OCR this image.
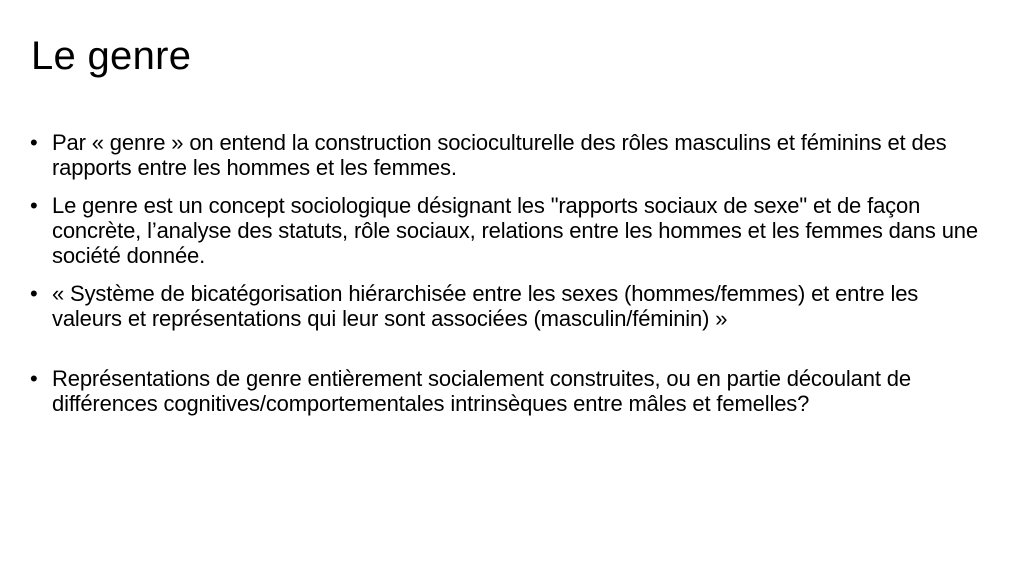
Le genre
• Par « genre » on entend la construction socioculturelle des rôles masculins et féminins et des rapports entre les hommes et les femmes.
• Le genre est un concept sociologique désignant les "rapports sociaux de sexe" et de façon concrète, l’analyse des statuts, rôle sociaux, relations entre les hommes et les femmes dans une société donnée.
• « Système de bicatégorisation hiérarchisée entre les sexes (hommes/femmes) et entre les valeurs et représentations qui leur sont associées (masculin/féminin) »
• Représentations de genre entièrement socialement construites, ou en partie découlant de différences cognitives/comportementales intrinsèques entre mâles et femelles?
